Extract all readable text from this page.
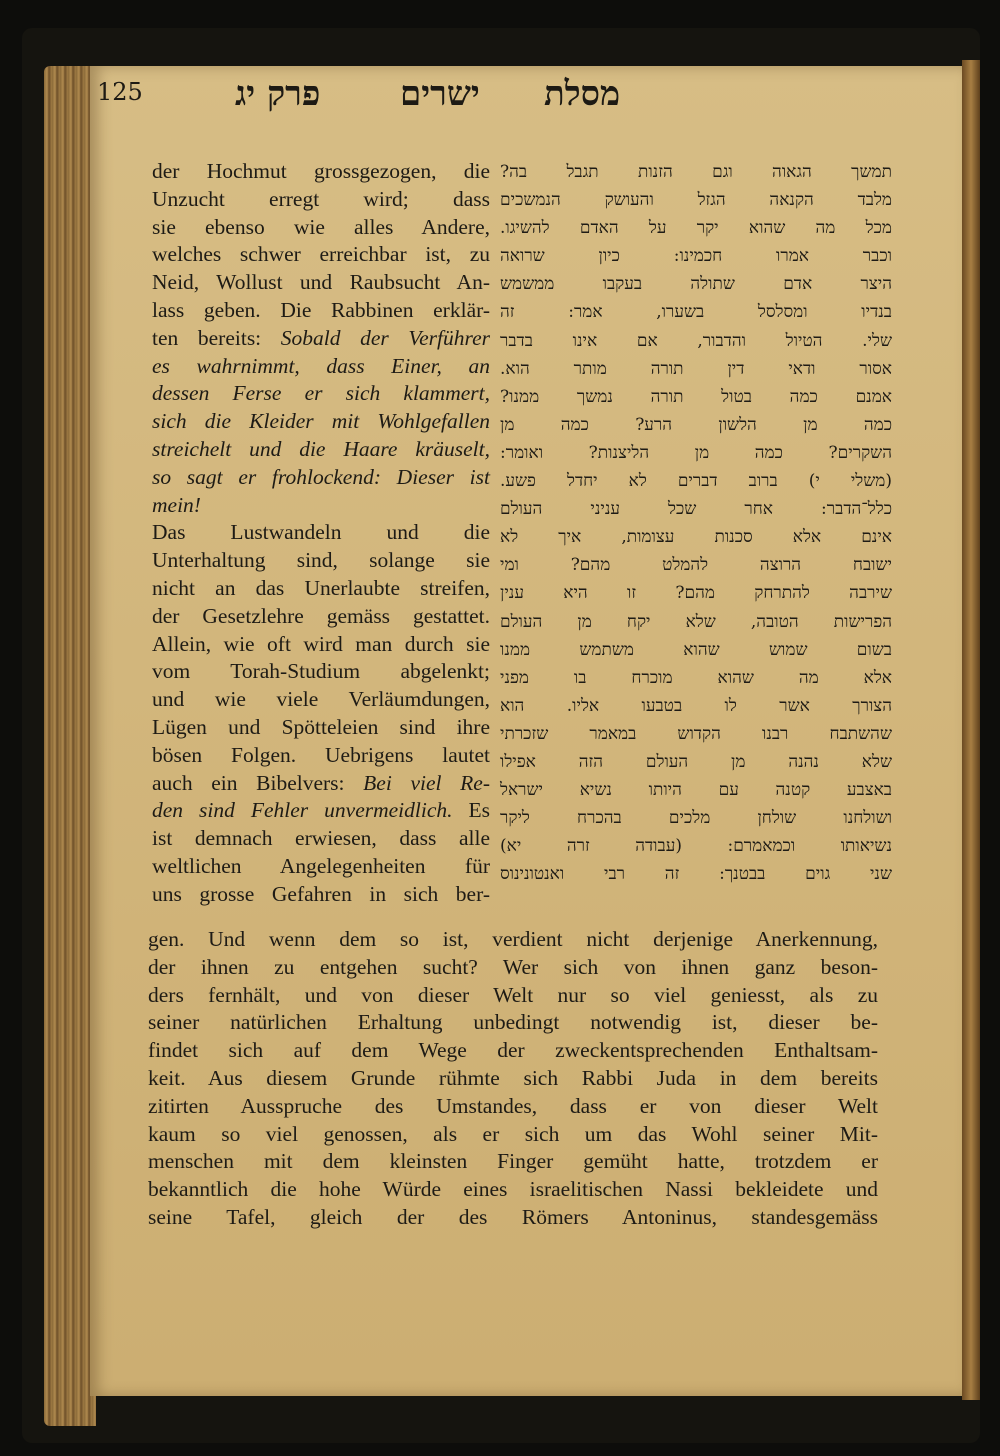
125	מסלת
ישרים
פרק יג
der Hochmut grossgezogen, die
Unzucht erregt wird; dass
sie ebenso wie alles Andere,
welches schwer erreichbar ist, zu
Neid, Wollust und Raubsucht An-
lass geben. Die Rabbinen erklär-
ten bereits: Sobald der Verführer
es wahrnimmt, dass Einer, an
dessen Ferse er sich klammert,
sich die Kleider mit Wohlgefallen
streichelt und die Haare kräuselt,
so sagt er frohlockend: Dieser ist
mein!
Das Lustwandeln und die
Unterhaltung sind, solange sie
nicht an das Unerlaubte streifen,
der Gesetzlehre gemäss gestattet.
Allein, wie oft wird man durch sie
vom Torah-Studium abgelenkt;
und wie viele Verläumdungen,
Lügen und Spötteleien sind ihre
bösen Folgen. Uebrigens lautet
auch ein Bibelvers: Bei viel Re-
den sind Fehler unvermeidlich. Es
ist demnach erwiesen, dass alle
weltlichen Angelegenheiten für
uns grosse Gefahren in sich ber-
תמשך הגאוה וגם הזנות תגבל בה?
מלבד הקנאה הגזל והעושק הנמשכים
מכל מה שהוא יקר על האדם להשיגו.
וכבר אמרו חכמינו: כיון שרואה
היצר אדם שתולה בעקבו ממשמש
בנדיו ומסלסל בשערו, אמר: זה
שלי. הטיול והדבור, אם אינו בדבר
אסור ודאי דין תורה מותר הוא.
אמנם כמה בטול תורה נמשך ממנו?
כמה מן הלשון הרע? כמה מן
השקרים? כמה מן הליצנות? ואומר:
(משלי י) ברוב דברים לא יחדל פשע.
כלל־הדבר: אחר שכל עניני העולם
אינם אלא סכנות עצומות, איך לא
ישובח הרוצה להמלט מהם? ומי
שירבה להתרחק מהם? זו היא ענין
הפרישות הטובה, שלא יקח מן העולם
בשום שמוש שהוא משתמש ממנו
אלא מה שהוא מוכרח בו מפני
הצורך אשר לו בטבעו אליו. הוא
שהשתבח רבנו הקדוש במאמר שזכרתי
שלא נהנה מן העולם הזה אפילו
באצבע קטנה עם היותו נשיא ישראל
ושולחנו שולחן מלכים בהכרח ליקר
נשיאותו וכמאמרם: (עבודה זרה יא)
שני גוים בבטנך: זה רבי ואנטונינוס
gen. Und wenn dem so ist, verdient nicht derjenige Anerkennung,
der ihnen zu entgehen sucht? Wer sich von ihnen ganz beson-
ders fernhält, und von dieser Welt nur so viel geniesst, als zu
seiner natürlichen Erhaltung unbedingt notwendig ist, dieser be-
findet sich auf dem Wege der zweckentsprechenden Enthaltsam-
keit. Aus diesem Grunde rühmte sich Rabbi Juda in dem bereits
zitirten Ausspruche des Umstandes, dass er von dieser Welt
kaum so viel genossen, als er sich um das Wohl seiner Mit-
menschen mit dem kleinsten Finger gemüht hatte, trotzdem er
bekanntlich die hohe Würde eines israelitischen Nassi bekleidete und
seine Tafel, gleich der des Römers Antoninus, standesgemäss
